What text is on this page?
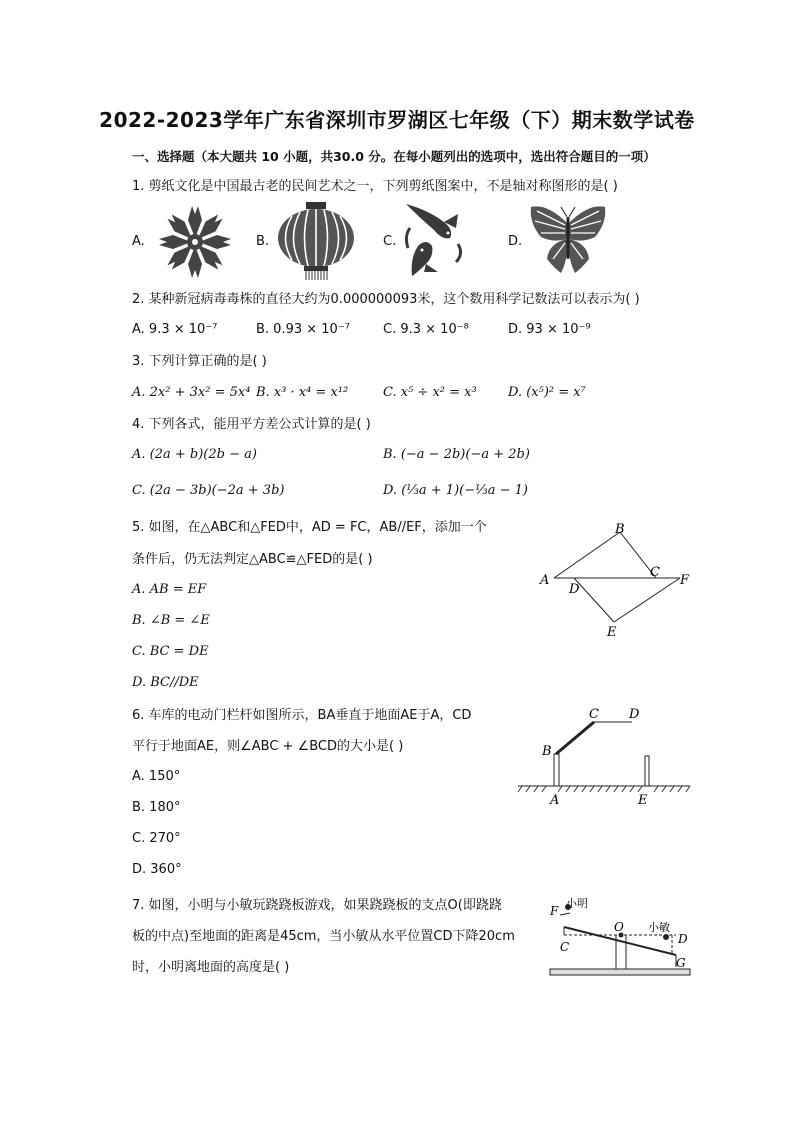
2022-2023学年广东省深圳市罗湖区七年级（下）期末数学试卷
一、选择题（本大题共 10 小题，共30.0 分。在每小题列出的选项中，选出符合题目的一项）
1. 剪纸文化是中国最古老的民间艺术之一，下列剪纸图案中，不是轴对称图形的是( )
A.	B.	C.	D.
2. 某种新冠病毒毒株的直径大约为0.000000093米，这个数用科学记数法可以表示为( )
A. 9.3 × 10⁻⁷	B. 0.93 × 10⁻⁷	C. 9.3 × 10⁻⁸	D. 93 × 10⁻⁹
3. 下列计算正确的是( )
A. 2x² + 3x² = 5x⁴ B. x³ · x⁴ = x¹²	C. x⁵ ÷ x² = x³ D. (x⁵)² = x⁷
4. 下列各式，能用平方差公式计算的是( )
A. (2a + b)(2b − a)	B. (−a − 2b)(−a + 2b)
C. (2a − 3b)(−2a + 3b)	D. (⅓a + 1)(−⅓a − 1)
5. 如图，在△ABC和△FED中，AD = FC，AB//EF，添加一个
条件后，仍无法判定△ABC≌△FED的是( )
A. AB = EF
B. ∠B = ∠E
C. BC = DE
D. BC//DE
B
A
D
C
F
E
6. 车库的电动门栏杆如图所示，BA垂直于地面AE于A，CD
平行于地面AE，则∠ABC + ∠BCD的大小是( )
A. 150°
B. 180°
C. 270°
D. 360°
C D
B
A	E
7. 如图，小明与小敏玩跷跷板游戏，如果跷跷板的支点O(即跷跷
板的中点)至地面的距离是45cm，当小敏从水平位置CD下降20cm
时，小明离地面的高度是( )
F
小明
O 小敏
C
D
G
